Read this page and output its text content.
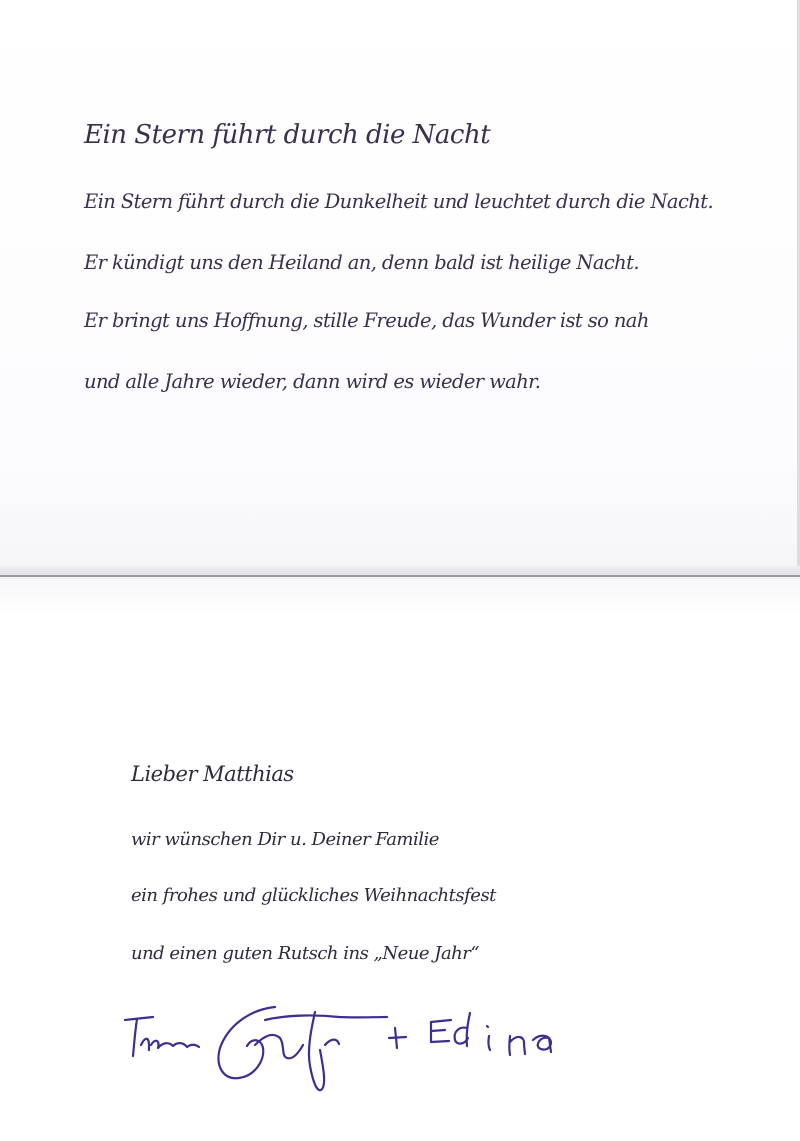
Ein Stern führt durch die Nacht
Ein Stern führt durch die Dunkelheit und leuchtet durch die Nacht.
Er kündigt uns den Heiland an, denn bald ist heilige Nacht.
Er bringt uns Hoffnung, stille Freude, das Wunder ist so nah
und alle Jahre wieder, dann wird es wieder wahr.
Lieber Matthias
wir wünschen Dir u. Deiner Familie
ein frohes und glückliches Weihnachtsfest
und einen guten Rutsch ins „Neue Jahr“
